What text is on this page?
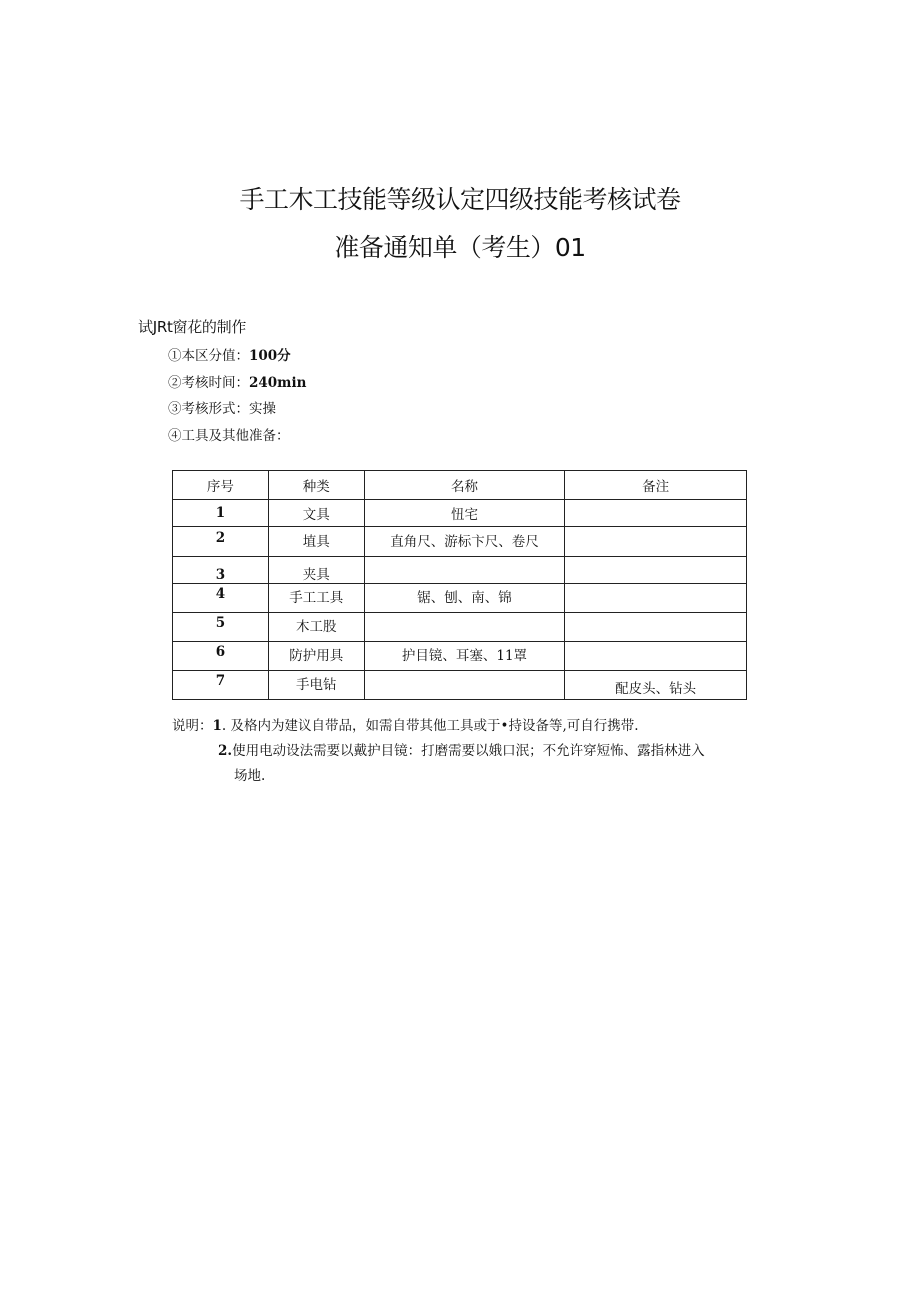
手工木工技能等级认定四级技能考核试卷
准备通知单（考生）01
试JRt窗花的制作
①本区分值：100分
②考核时间：240min
③考核形式：实操
④工具及其他准备：
序号	种类	名称	备注
1	文具	忸宅	
2	埴具	直角尺、游标卞尺、卷尺	
3	夹具		
4	手工工具	锯、刨、南、锦	
5	木工股		
6	防护用具	护目镜、耳塞、11罩	
7	手电钻		配皮头、钻头
说明：1. 及格内为建议自带品，如需自带其他工具或于•持设备等,可自行携带.
2.使用电动设法需要以戴护目镜：打磨需要以娥口泯；不允许穿短怖、露指林进入
场地.
